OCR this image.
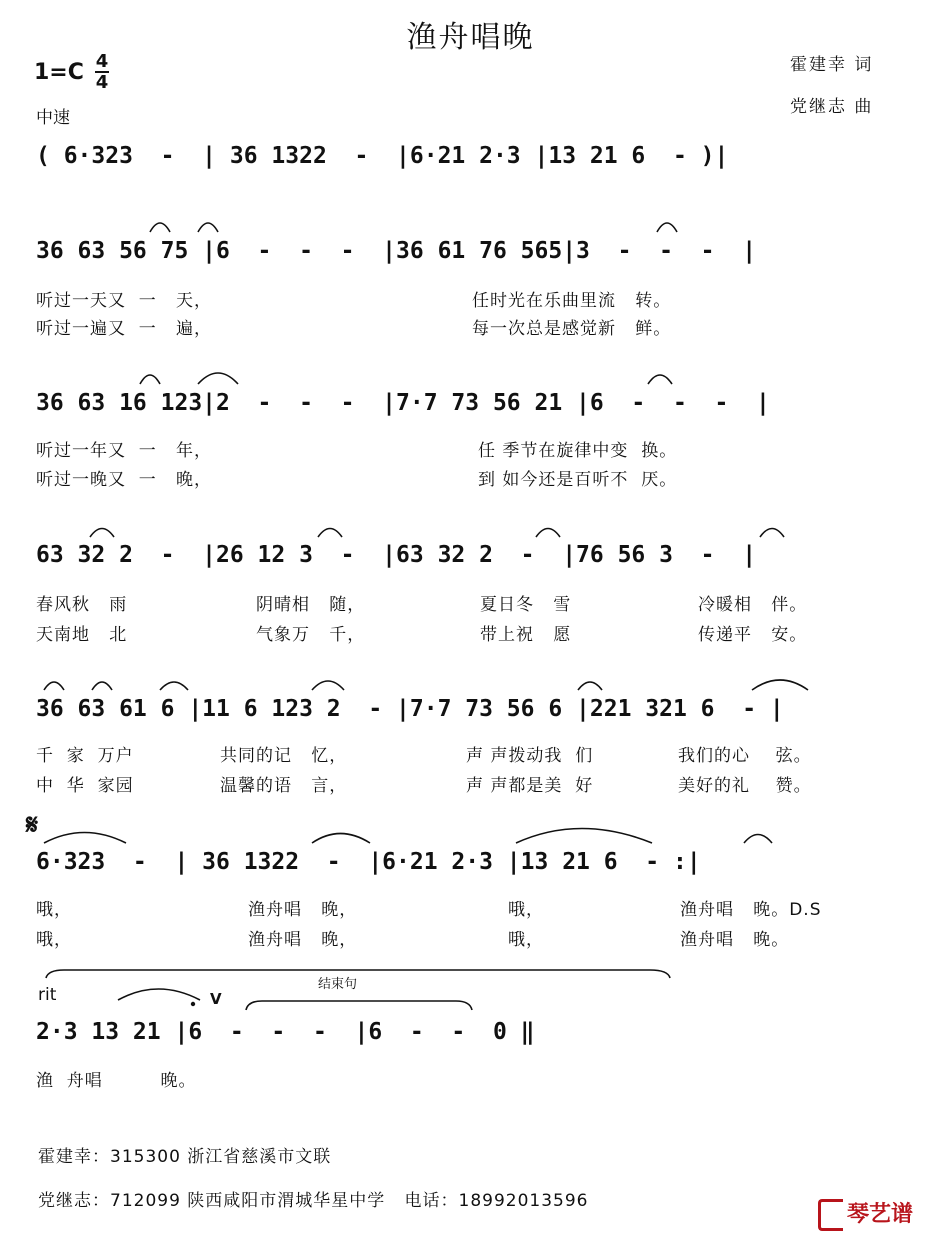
渔舟唱晚
霍建幸 词
党继志 曲
1=C 4
4
中速
( 6·323  -  | 36 1322  -  |6·21 2·3 |13 21 6  - )|
36 63 56 75 |6  -  -  -  |36 61 76 565|3  -  -  -  |
听过一天又  一   天，	任时光在乐曲里流   转。
听过一遍又  一   遍，	每一次总是感觉新   鲜。
36 63 16 123|2  -  -  -  |7·7 73 56 21 |6  -  -  -  |
听过一年又  一   年，	任 季节在旋律中变  换。
听过一晚又  一   晚，	到 如今还是百听不  厌。
63 32 2  -  |26 12 3  -  |63 32 2  -  |76 56 3  -  |
春风秋   雨	阴晴相   随，	夏日冬   雪	冷暖相   伴。
天南地   北	气象万   千，	带上祝   愿	传递平   安。
36 63 61 6 |11 6 123 2  - |7·7 73 56 6 |221 321 6  - |
千  家  万户	共同的记   忆，	声 声拨动我  们	我们的心    弦。
中  华  家园	温馨的语   言，	声 声都是美  好	美好的礼    赞。
𝄋
6·323  -  | 36 1322  -  |6·21 2·3 |13 21 6  - :|
哦，	渔舟唱   晚，	哦，	渔舟唱   晚。D.S
哦，	渔舟唱   晚，	哦，	渔舟唱   晚。
rit
结束句
V
2·3 13 21 |6  -  -  -  |6  -  -  0 ‖
渔  舟唱         晚。
霍建幸：315300 浙江省慈溪市文联
党继志：712099 陕西咸阳市渭城华星中学   电话：18992013596
琴艺谱
